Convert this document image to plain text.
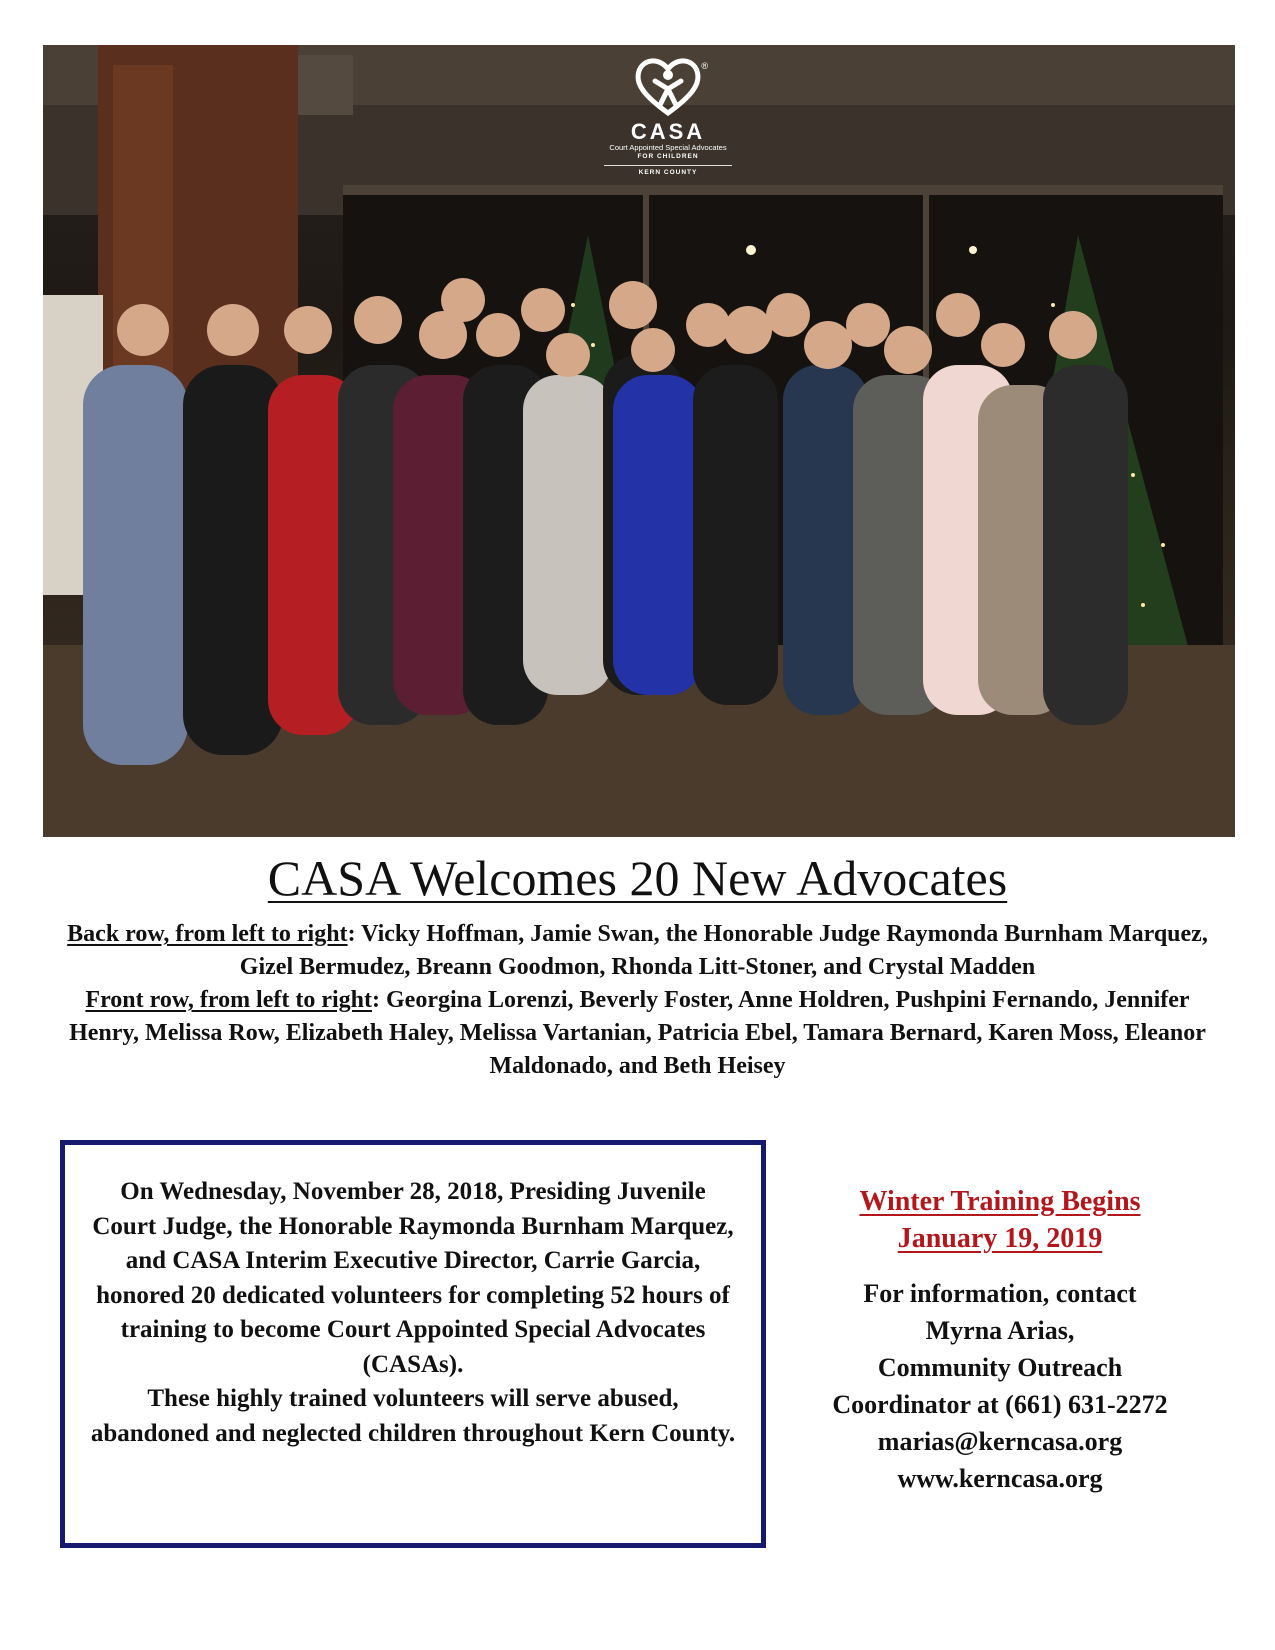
®
CASA
Court Appointed Special Advocates
FOR CHILDREN
KERN COUNTY
CASA Welcomes 20 New Advocates

Back row, from left to right: Vicky Hoffman, Jamie Swan, the Honorable Judge Raymonda Burnham Marquez, Gizel Bermudez, Breann Goodmon, Rhonda Litt-Stoner, and Crystal Madden

Front row, from left to right: Georgina Lorenzi, Beverly Foster, Anne Holdren, Pushpini Fernando, Jennifer Henry, Melissa Row, Elizabeth Haley, Melissa Vartanian, Patricia Ebel, Tamara Bernard, Karen Moss, Eleanor Maldonado, and Beth Heisey

On Wednesday, November 28, 2018, Presiding Juvenile Court Judge, the Honorable Raymonda Burnham Marquez, and CASA Interim Executive Director, Carrie Garcia, honored 20 dedicated volunteers for completing 52 hours of training to become Court Appointed Special Advocates (CASAs).

These highly trained volunteers will serve abused, abandoned and neglected children throughout Kern County.

Winter Training Begins
January 19, 2019
For information, contact
Myrna Arias,
Community Outreach
Coordinator at (661) 631-2272
marias@kerncasa.org
www.kerncasa.org
